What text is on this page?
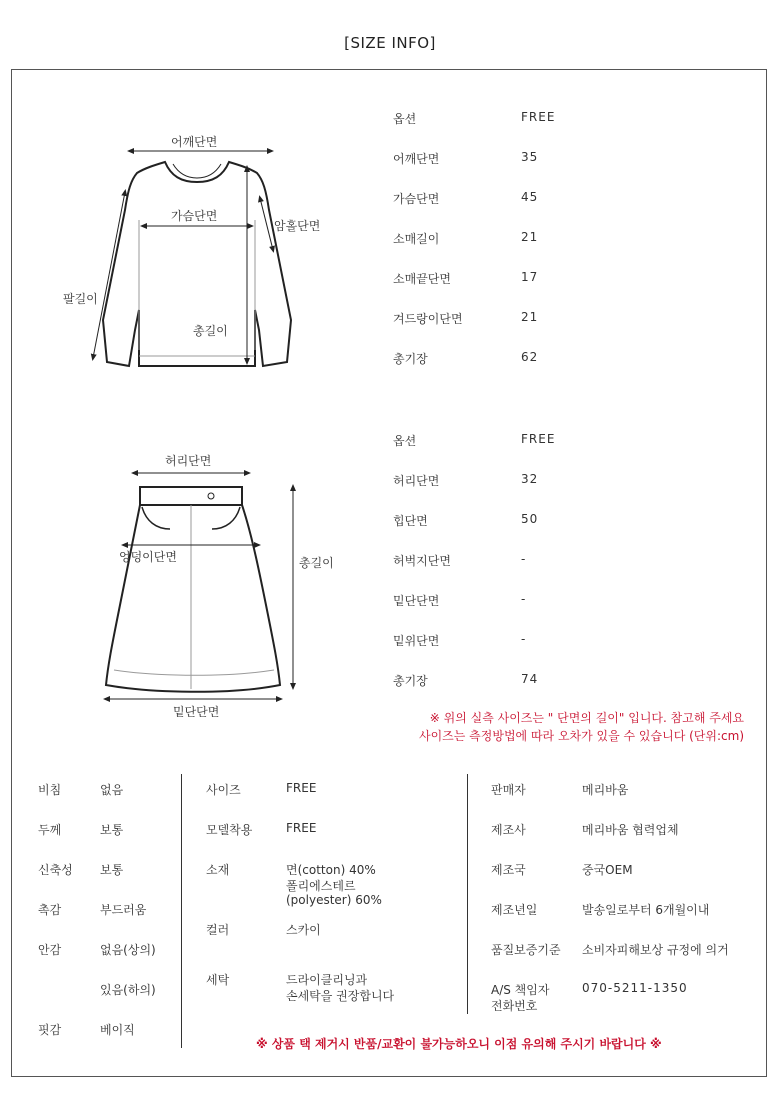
[SIZE INFO]
어깨단면
가슴단면
암홀단면
팔길이
총길이
옵션	FREE
어깨단면	35
가슴단면	45
소매길이	21
소매끝단면	17
겨드랑이단면	21
총기장	62
허리단면
엉덩이단면	총길이
밑단단면
옵션	FREE
허리단면	32
힙단면	50
허벅지단면	-
밑단단면	-
밑위단면	-
총기장	74
※ 위의 실측 사이즈는 " 단면의 길이" 입니다. 참고해 주세요
사이즈는 측정방법에 따라 오차가 있을 수 있습니다 (단위:cm)
비침	없음
두께	보통
신축성 보통
촉감	부드러움
안감	없음(상의)
있음(하의)
핏감	베이직
사이즈	FREE
모델착용	FREE
소재	면(cotton) 40%
폴리에스테르
(polyester) 60%
컬러	스카이
세탁	드라이클리닝과
손세탁을 권장합니다
판매자	메리바움
제조사	메리바움 협력업체
제조국	중국OEM
제조년일	발송일로부터 6개월이내
품질보증기준 소비자피해보상 규정에 의거
A/S 책임자
전화번호
070-5211-1350
※ 상품 택 제거시 반품/교환이 불가능하오니 이점 유의해 주시기 바랍니다 ※
